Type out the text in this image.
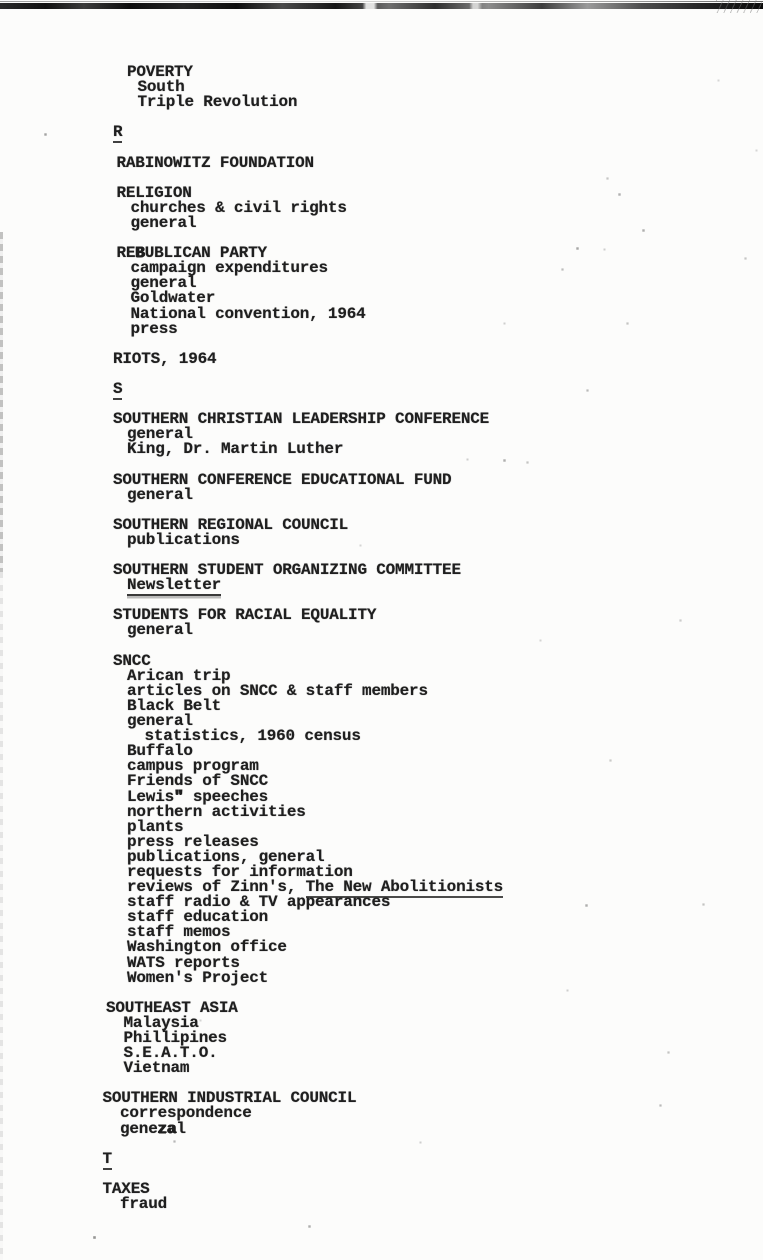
POVERTY
South
Triple Revolution
R
RABINOWITZ FOUNDATION
RELIGION
churches & civil rights
general
REBUBLICAN PARTY
campaign expenditures
general
Goldwater
National convention, 1964
press
RIOTS, 1964
S
SOUTHERN CHRISTIAN LEADERSHIP CONFERENCE
general
King, Dr. Martin Luther
SOUTHERN CONFERENCE EDUCATIONAL FUND
general
SOUTHERN REGIONAL COUNCIL
publications
SOUTHERN STUDENT ORGANIZING COMMITTEE
Newsletter
STUDENTS FOR RACIAL EQUALITY
general
SNCC
Arican trip
articles on SNCC & staff members
Black Belt
general
statistics, 1960 census
Buffalo
campus program
Friends of SNCC
Lewis" speeches
northern activities
plants
press releases
publications, general
requests for information
reviews of Zinn's, The New Abolitionists
staff radio & TV appearances
staff education
staff memos
Washington office
WATS reports
Women's Project
SOUTHEAST ASIA
Malaysia
Phillipines
S.E.A.T.O.
Vietnam
SOUTHERN INDUSTRIAL COUNCIL
correspondence
genezal
T
TAXES
fraud
